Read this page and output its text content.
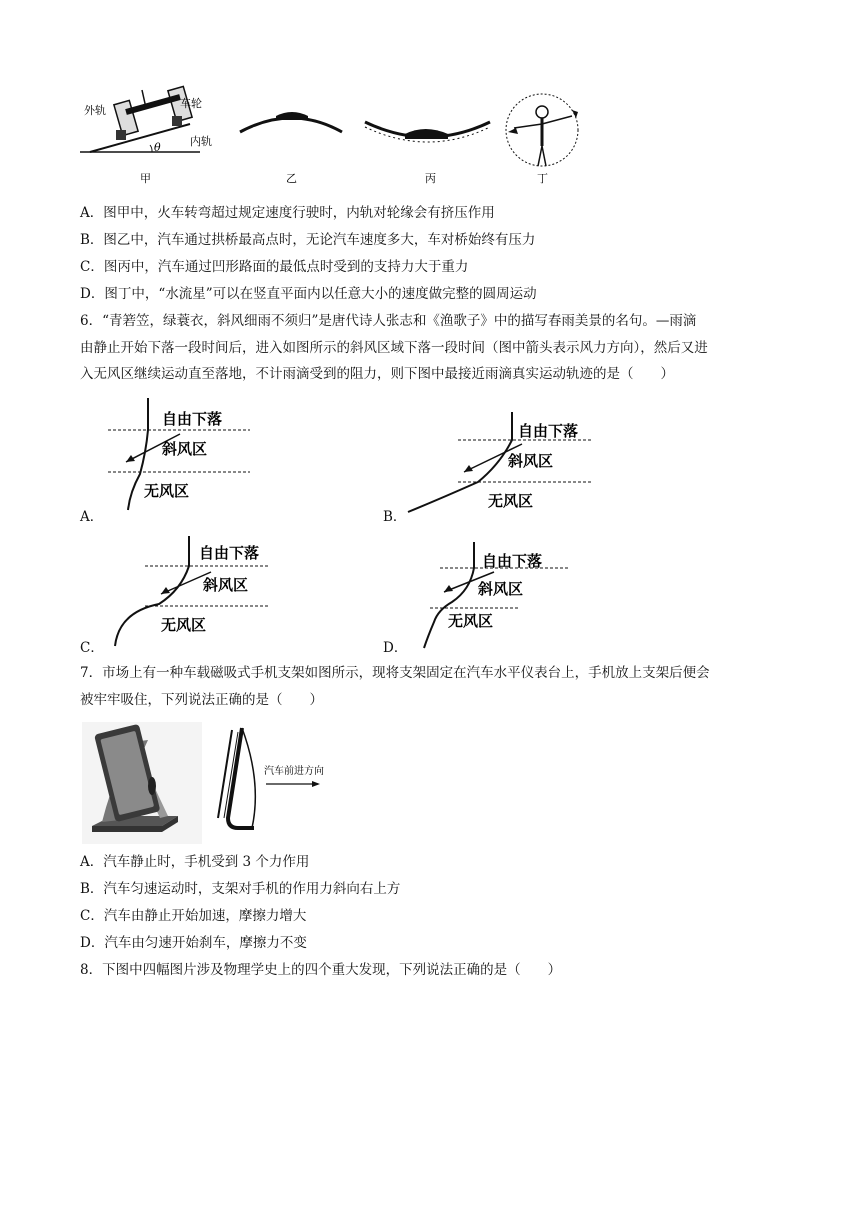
θ
外轨
车轮
内轨
甲	乙	丙	丁
A．图甲中，火车转弯超过规定速度行驶时，内轨对轮缘会有挤压作用
B．图乙中，汽车通过拱桥最高点时，无论汽车速度多大，车对桥始终有压力
C．图丙中，汽车通过凹形路面的最低点时受到的支持力大于重力
D．图丁中，“水流星”可以在竖直平面内以任意大小的速度做完整的圆周运动
6．“青箬笠，绿蓑衣，斜风细雨不须归”是唐代诗人张志和《渔歌子》中的描写春雨美景的名句。—雨滴
由静止开始下落一段时间后，进入如图所示的斜风区域下落一段时间（图中箭头表示风力方向），然后又进
入无风区继续运动直至落地，不计雨滴受到的阻力，则下图中最接近雨滴真实运动轨迹的是（　　）
A．
自由下落
斜风区
无风区
B．
自由下落
斜风区
无风区
C．
自由下落
斜风区
无风区
D．
自由下落
斜风区
无风区
7．市场上有一种车载磁吸式手机支架如图所示，现将支架固定在汽车水平仪表台上，手机放上支架后便会
被牢牢吸住，下列说法正确的是（　　）
汽车前进方向
A．汽车静止时，手机受到 3 个力作用
B．汽车匀速运动时，支架对手机的作用力斜向右上方
C．汽车由静止开始加速，摩擦力增大
D．汽车由匀速开始刹车，摩擦力不变
8．下图中四幅图片涉及物理学史上的四个重大发现，下列说法正确的是（　　）
